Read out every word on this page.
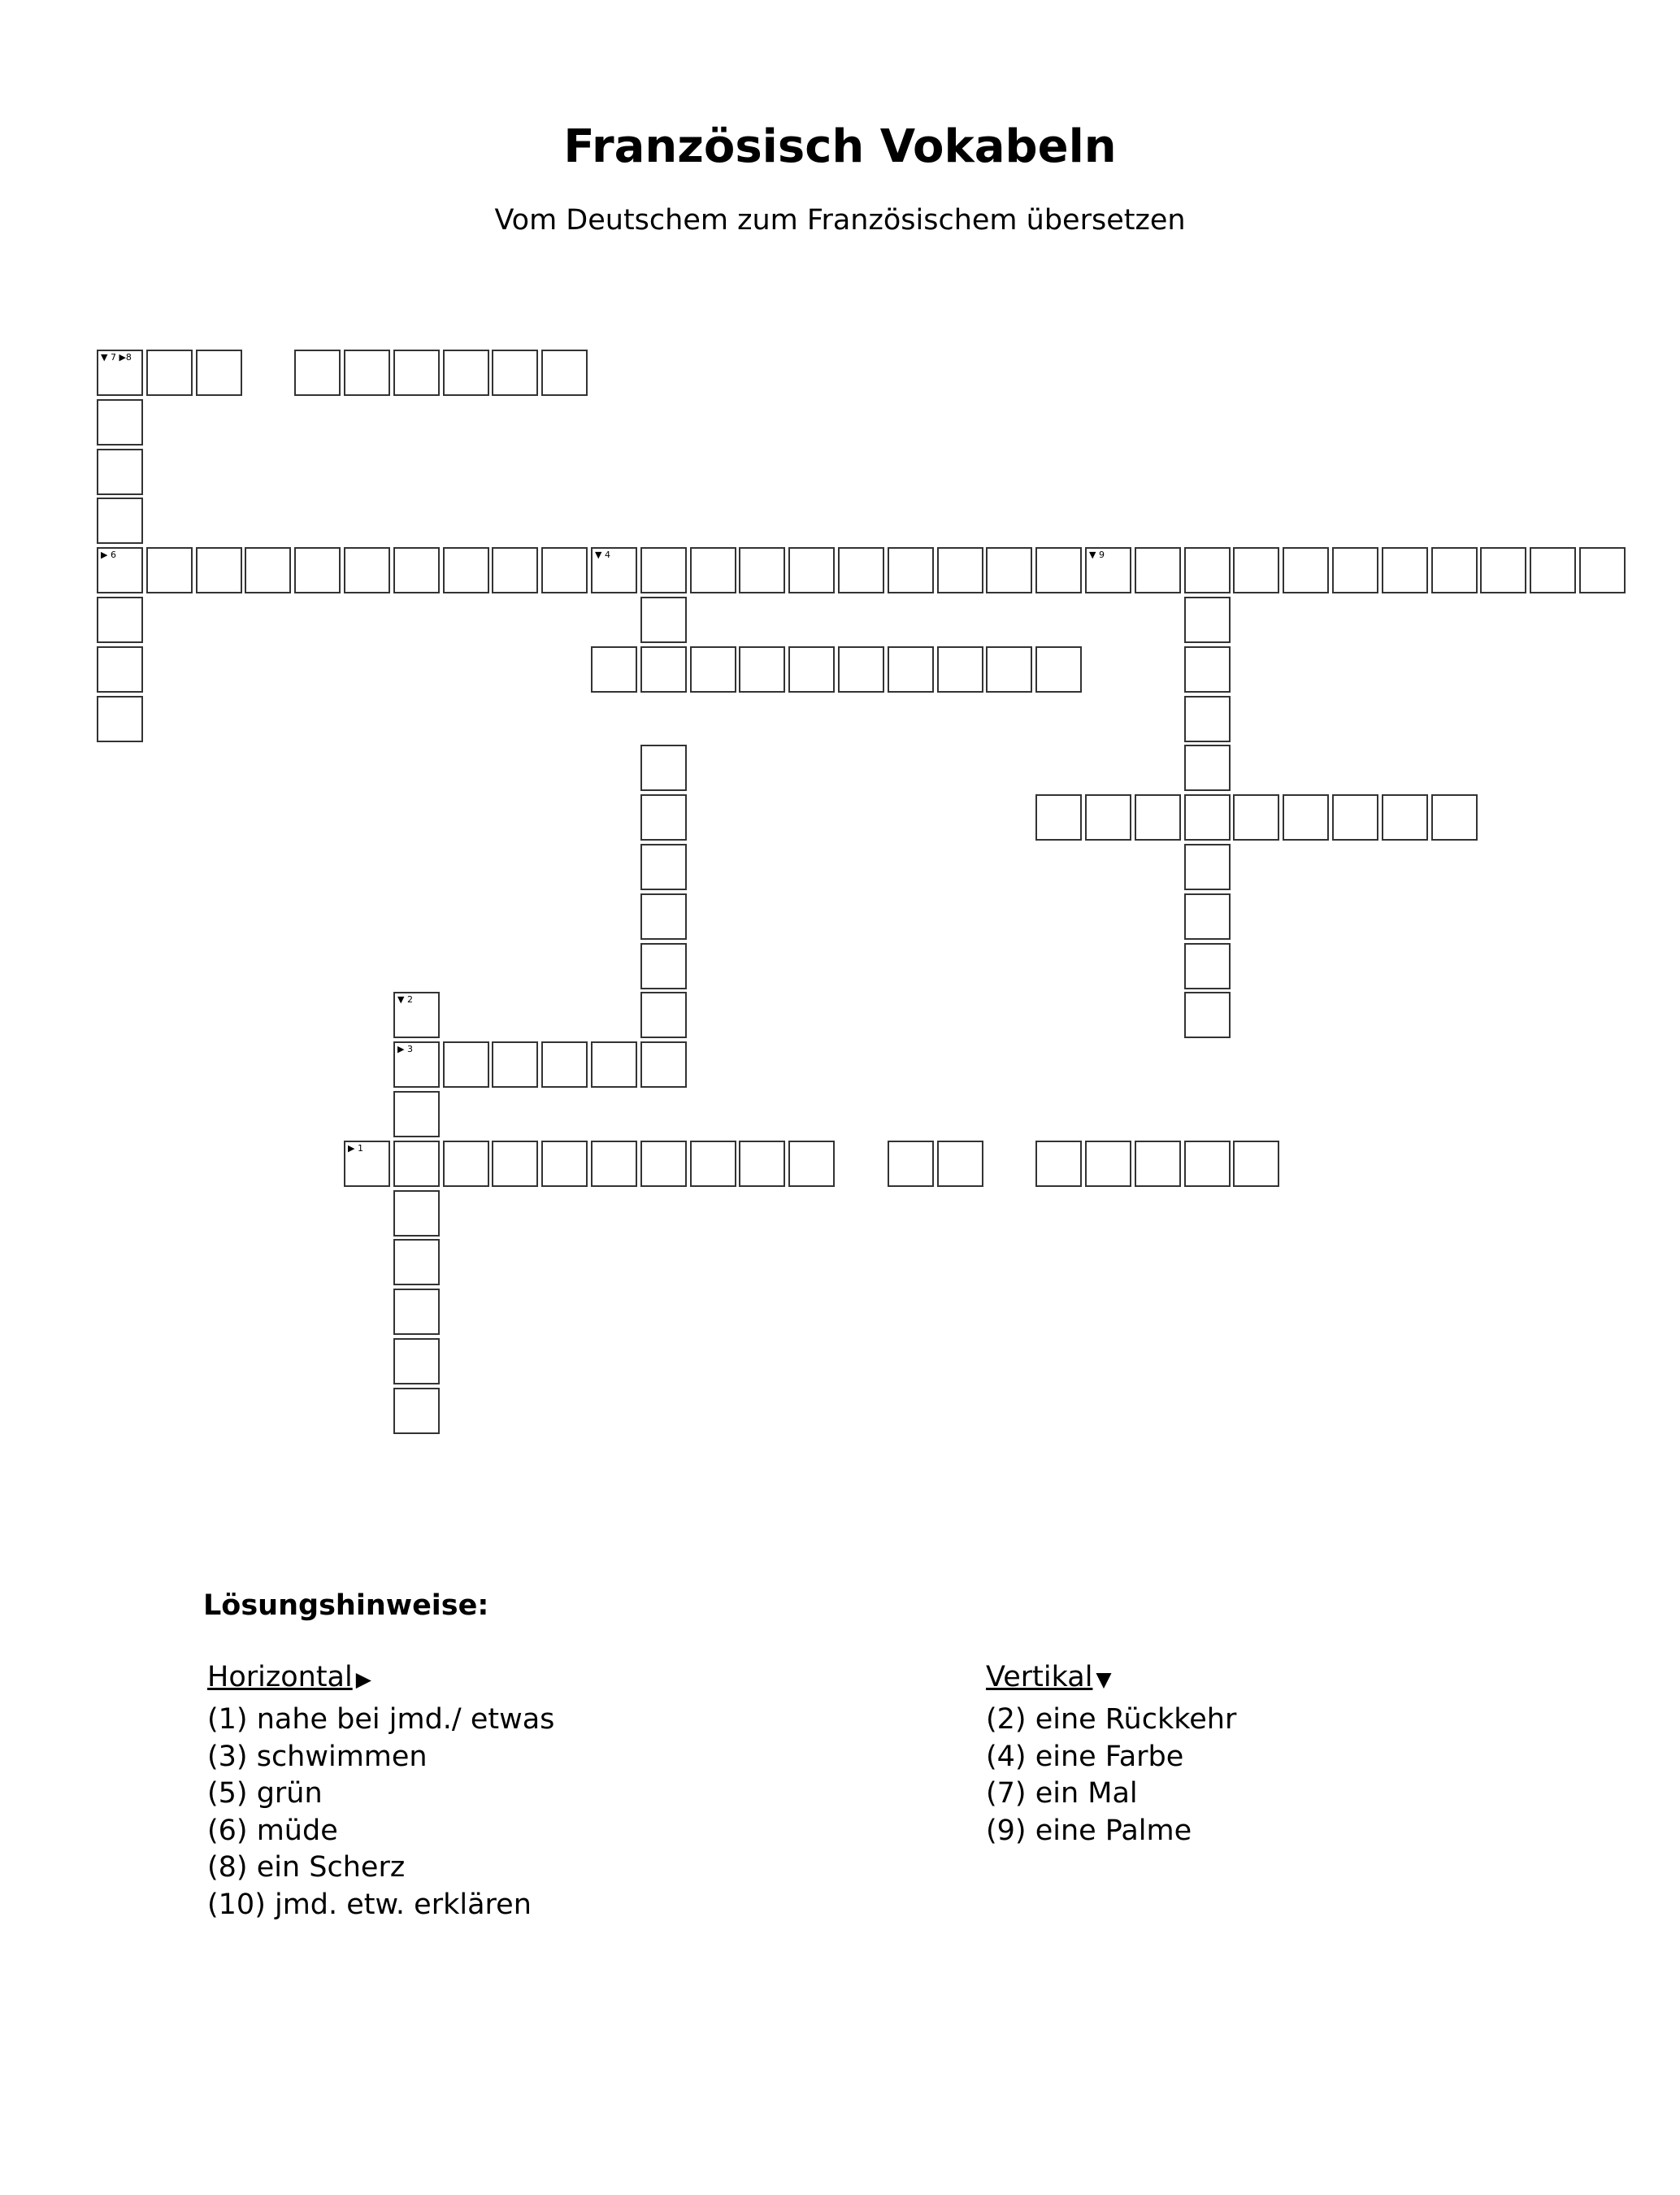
Französisch Vokabeln

Vom Deutschem zum Französischem übersetzen

▼ 7 ▶8
▶ 6	▼ 4	▼ 9
▼ 2
▶ 3
▶ 1
Lösungshinweise:
Horizontal ▶
(1) nahe bei jmd./ etwas
(3) schwimmen
(5) grün
(6) müde
(8) ein Scherz
(10) jmd. etw. erklären
Vertikal ▼
(2) eine Rückkehr
(4) eine Farbe
(7) ein Mal
(9) eine Palme
